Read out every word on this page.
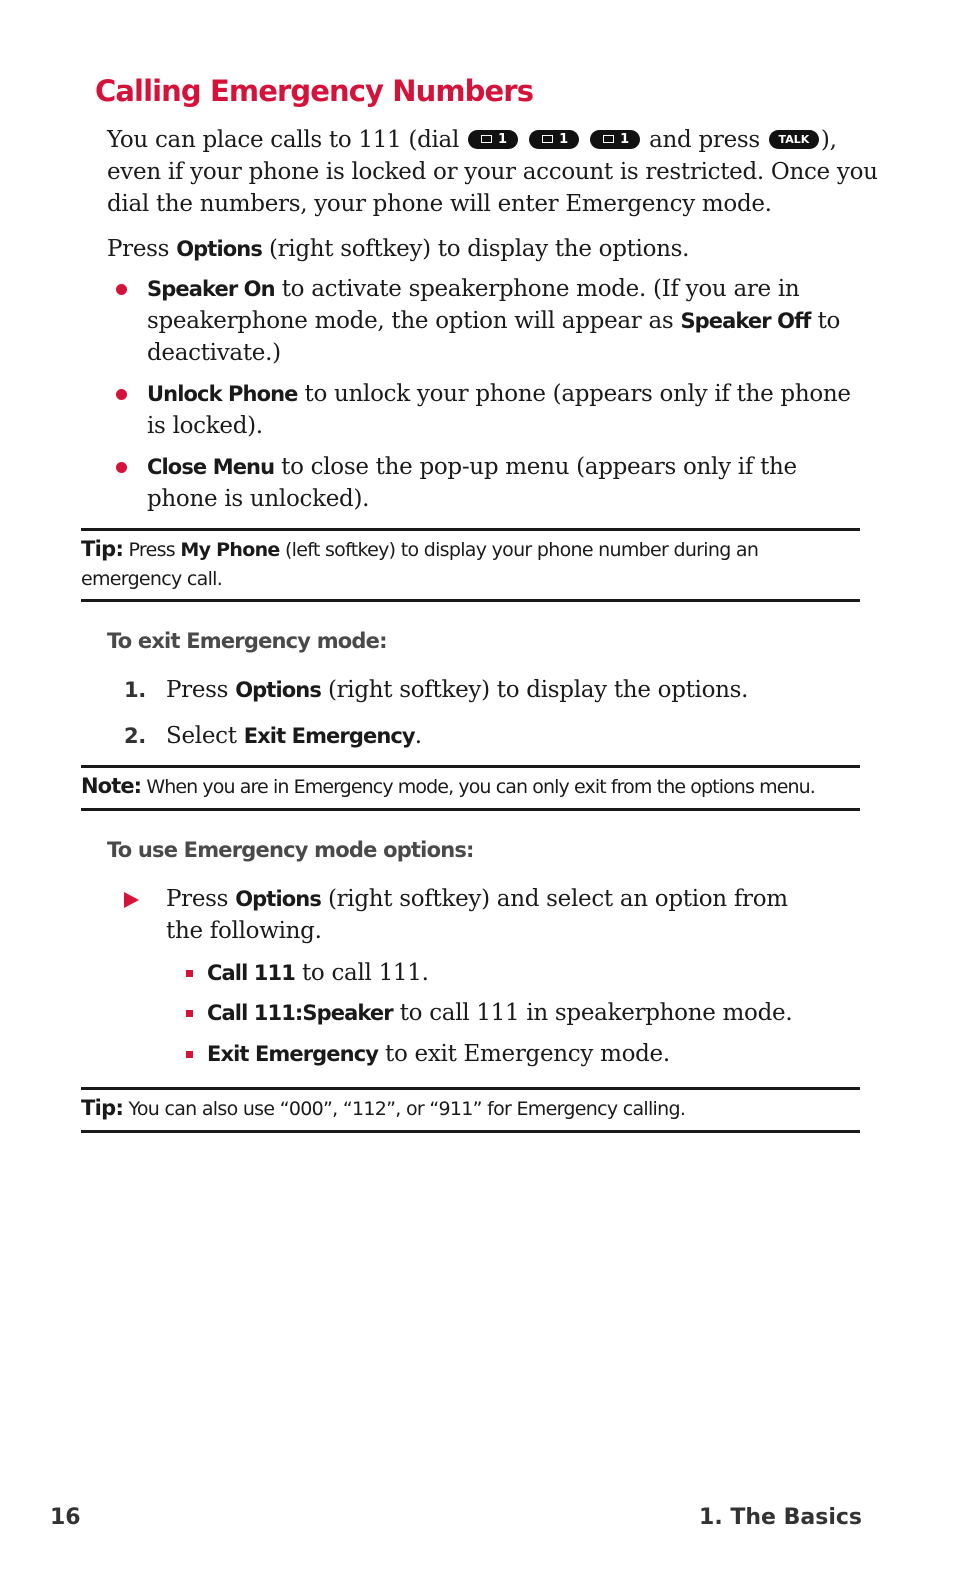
Calling Emergency Numbers
You can place calls to 111 (dial	1
	1
	1 and press TALK ),
even if your phone is locked or your account is restricted. Once you
dial the numbers, your phone will enter Emergency mode.
Press Options (right softkey) to display the options.
Speaker On to activate speakerphone mode. (If you are in speakerphone mode, the option will appear as Speaker Off to deactivate.)
Unlock Phone to unlock your phone (appears only if the phone is locked).
Close Menu to close the pop-up menu (appears only if the phone is unlocked).
Tip: Press My Phone (left softkey) to display your phone number during an emergency call.
To exit Emergency mode:
1. Press Options (right softkey) to display the options.
2. Select Exit Emergency.
Note: When you are in Emergency mode, you can only exit from the options menu.
To use Emergency mode options:
Press Options (right softkey) and select an option from the following.
Call 111 to call 111.
Call 111:Speaker to call 111 in speakerphone mode.
Exit Emergency to exit Emergency mode.
Tip: You can also use “000”, “112”, or “911” for Emergency calling.
16	1. The Basics
